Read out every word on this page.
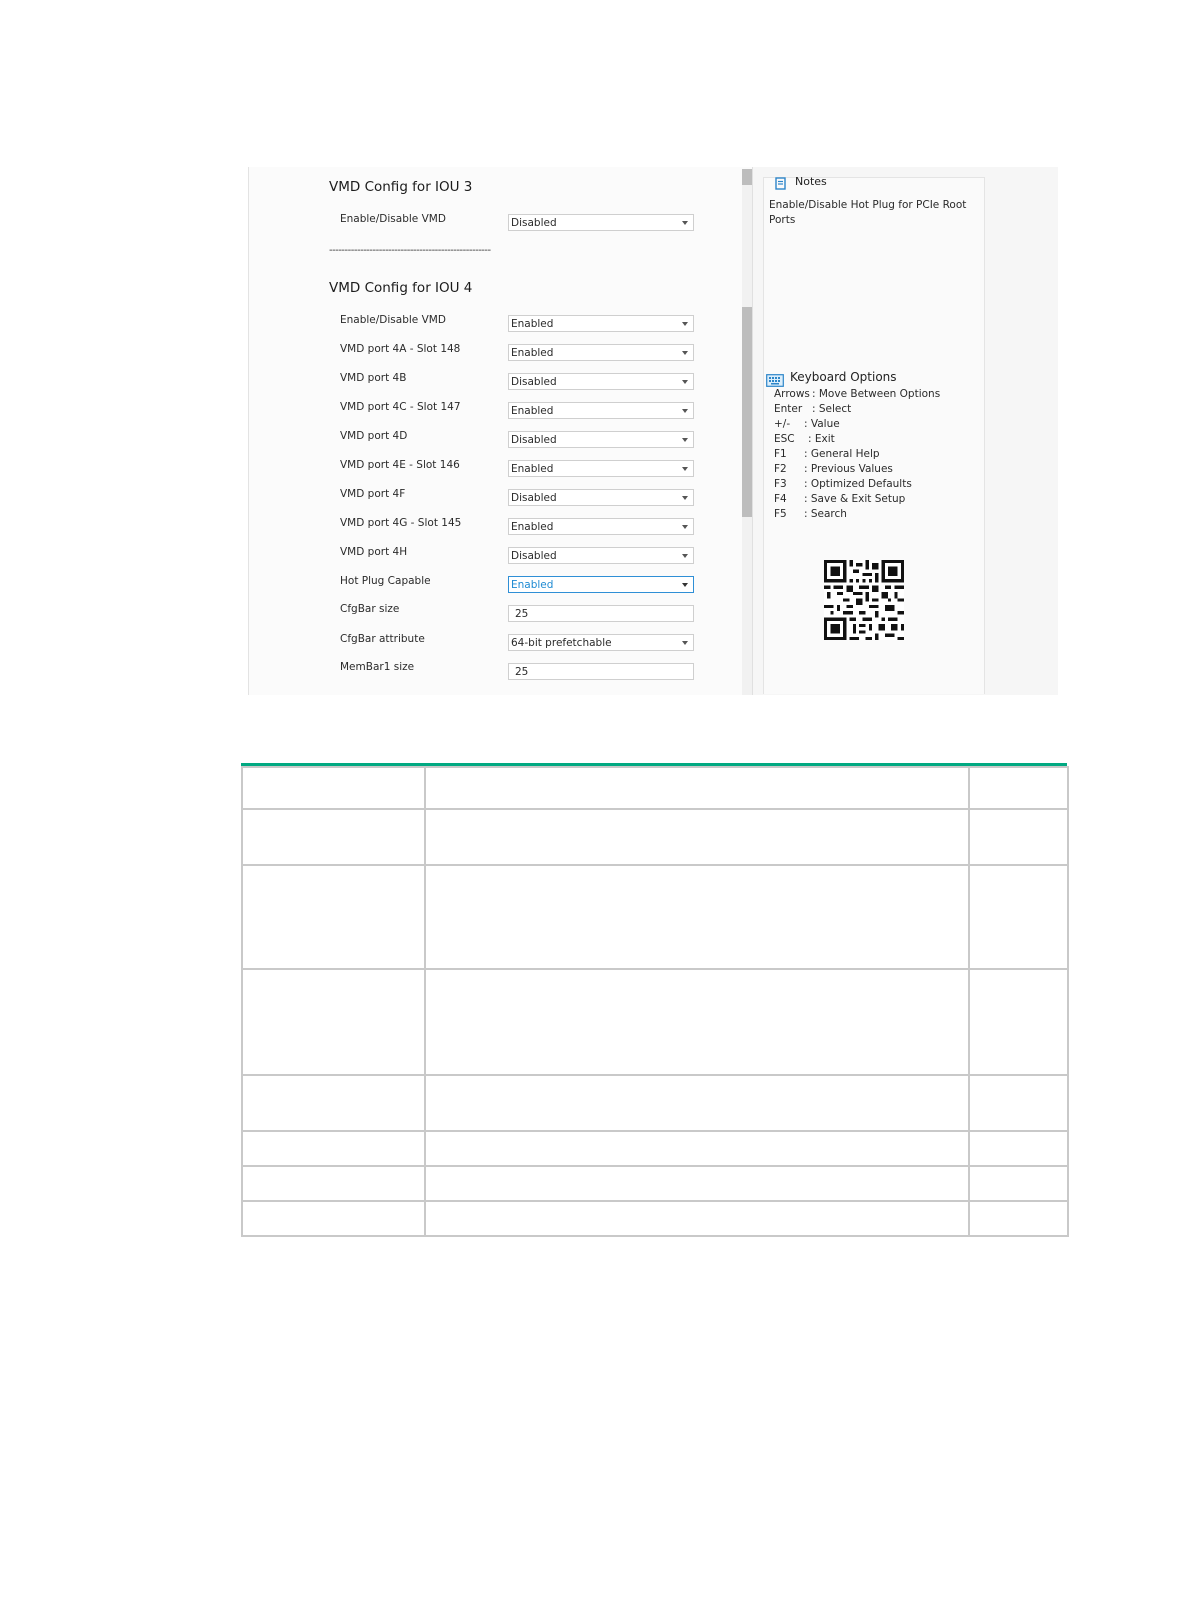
VMD Config for IOU 3
Enable/Disable VMD	Disabled
----------------------------------------------------
VMD Config for IOU 4
Enable/Disable VMD	Enabled
VMD port 4A - Slot 148	Enabled
VMD port 4B	Disabled
VMD port 4C - Slot 147	Enabled
VMD port 4D	Disabled
VMD port 4E - Slot 146	Enabled
VMD port 4F	Disabled
VMD port 4G - Slot 145	Enabled
VMD port 4H	Disabled
Hot Plug Capable	Enabled
CfgBar size	25
CfgBar attribute	64-bit prefetchable
MemBar1 size	25
Notes
Enable/Disable Hot Plug for PCIe Root Ports
Keyboard Options
Arrows : Move Between Options
Enter : Select
+/- : Value
ESC : Exit
F1 : General Help
F2 : Previous Values
F3 : Optimized Defaults
F4 : Save & Exit Setup
F5 : Search
